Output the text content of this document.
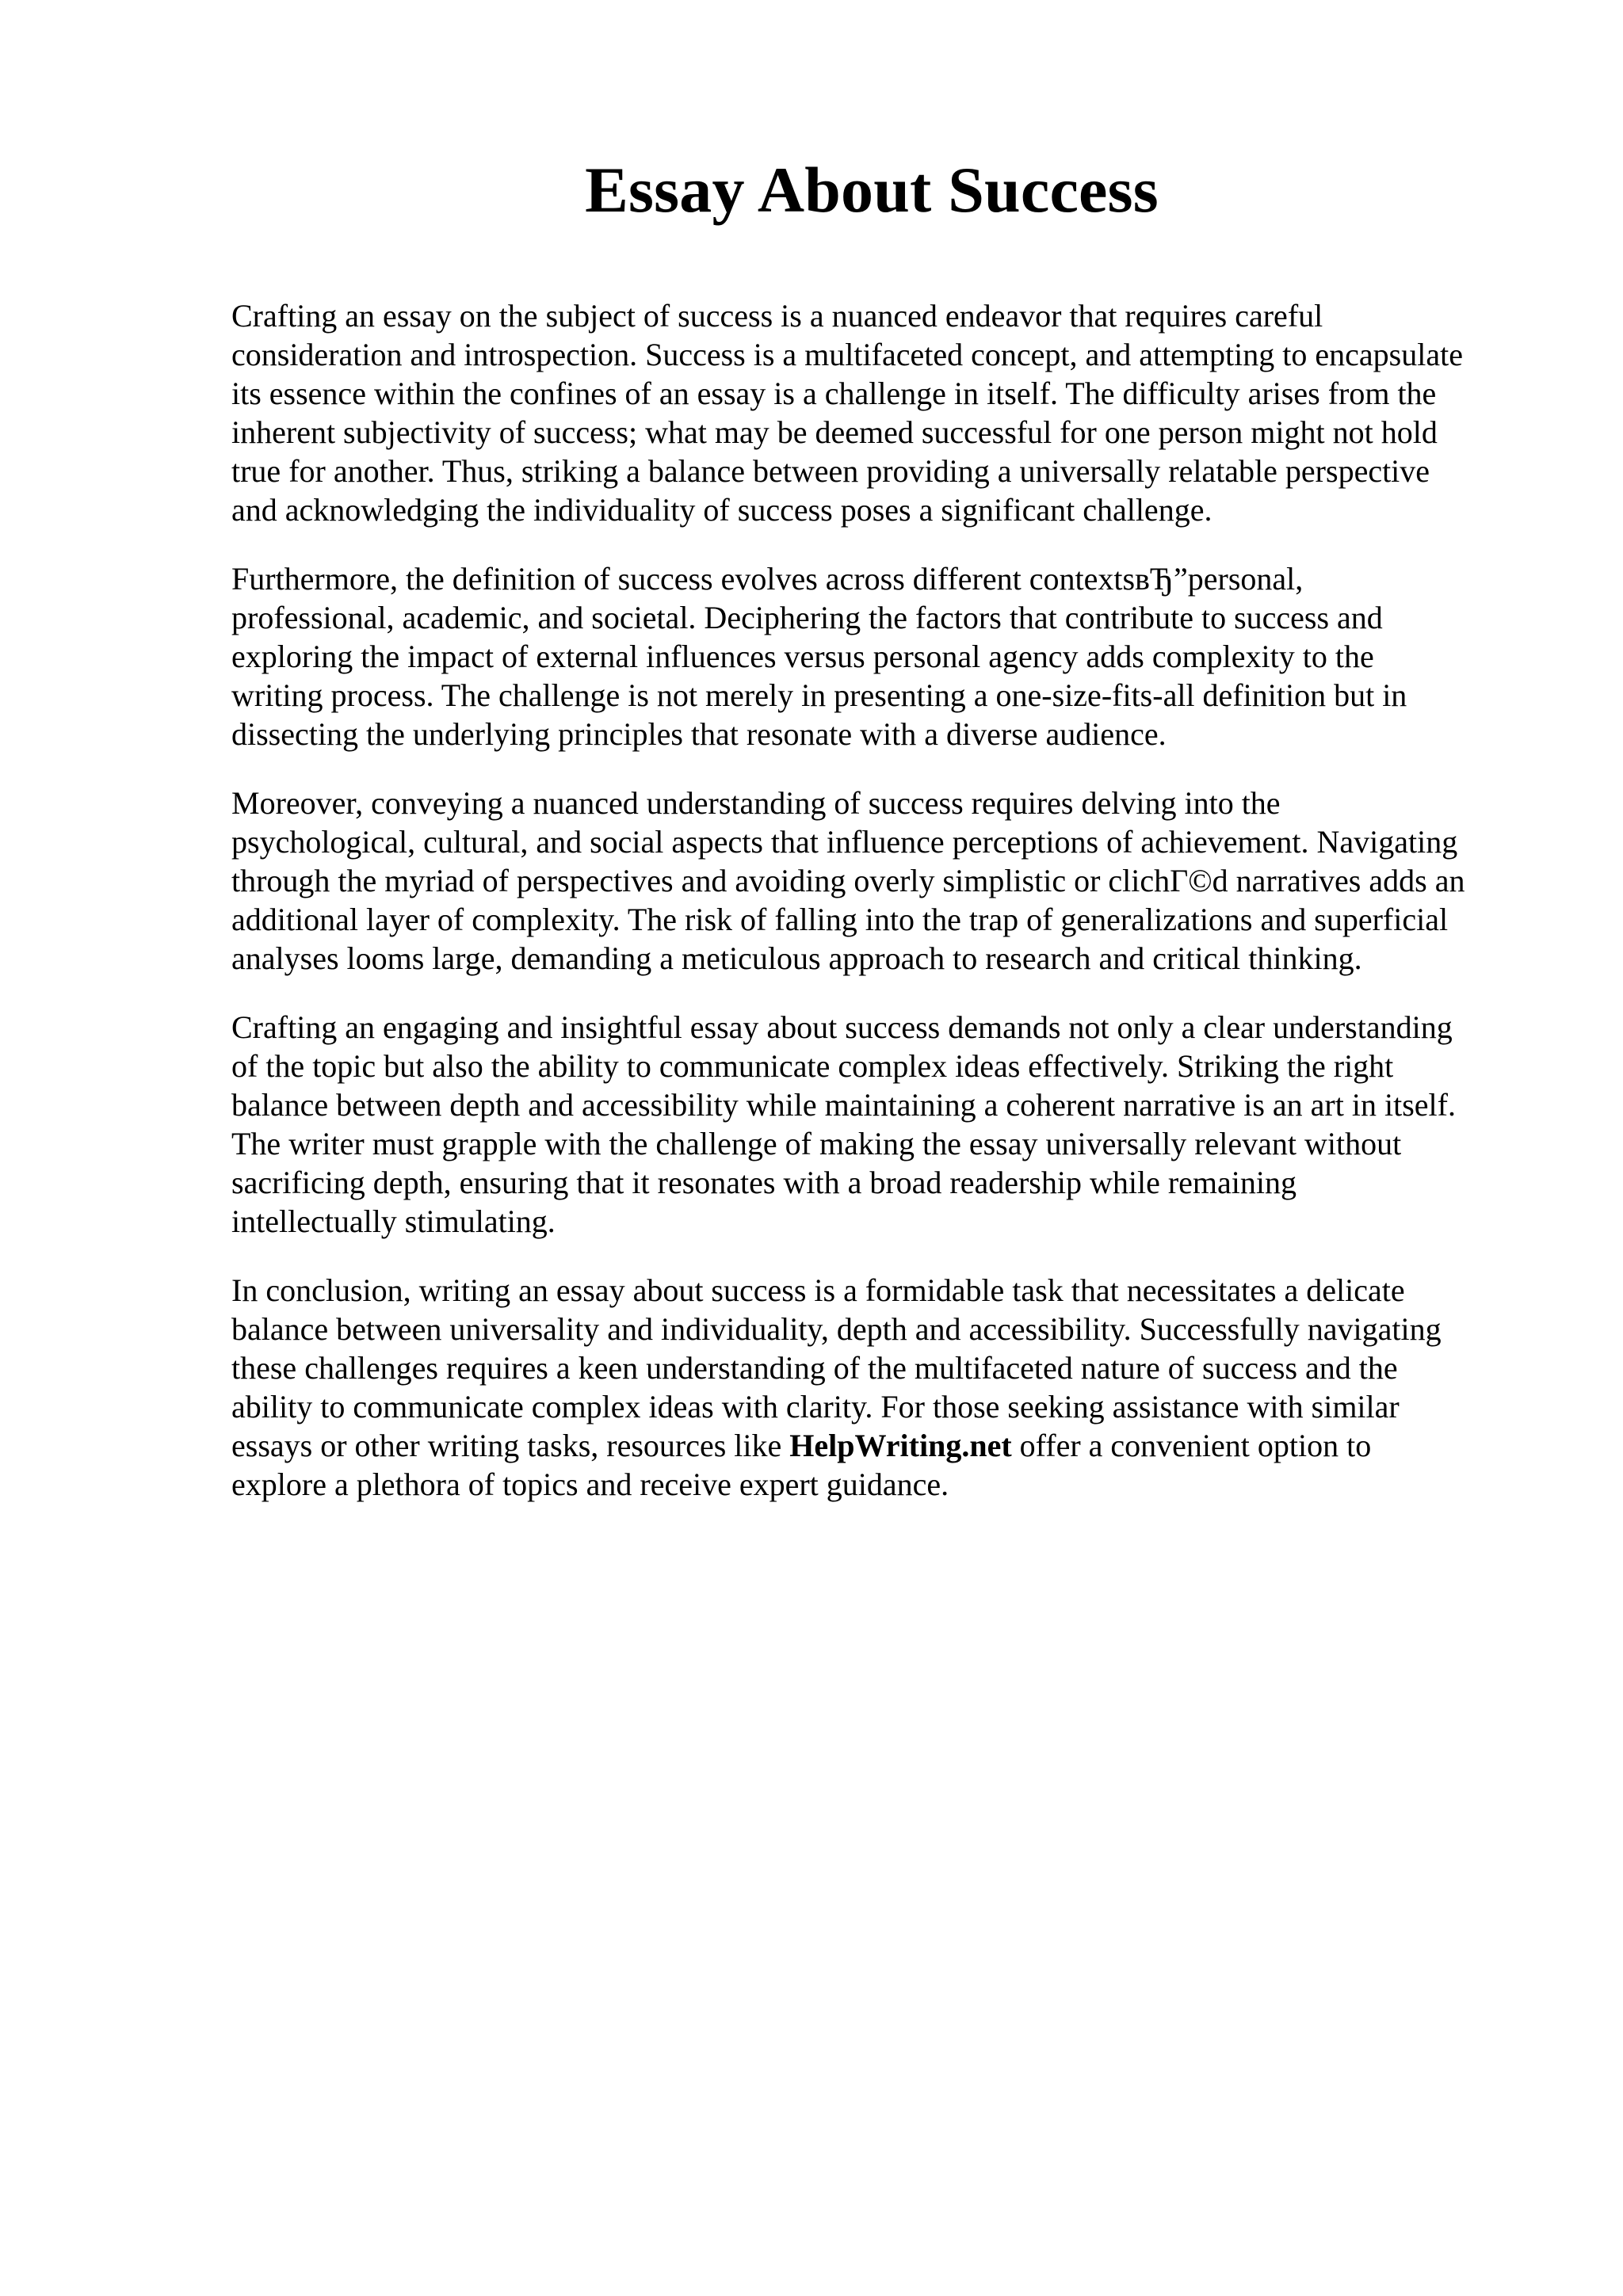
Essay About Success

Crafting an essay on the subject of success is a nuanced endeavor that requires careful
consideration and introspection. Success is a multifaceted concept, and attempting to encapsulate
its essence within the confines of an essay is a challenge in itself. The difficulty arises from the
inherent subjectivity of success; what may be deemed successful for one person might not hold
true for another. Thus, striking a balance between providing a universally relatable perspective
and acknowledging the individuality of success poses a significant challenge.

Furthermore, the definition of success evolves across different contextsвЂ”personal,
professional, academic, and societal. Deciphering the factors that contribute to success and
exploring the impact of external influences versus personal agency adds complexity to the
writing process. The challenge is not merely in presenting a one-size-fits-all definition but in
dissecting the underlying principles that resonate with a diverse audience.

Moreover, conveying a nuanced understanding of success requires delving into the
psychological, cultural, and social aspects that influence perceptions of achievement. Navigating
through the myriad of perspectives and avoiding overly simplistic or clichГ©d narratives adds an
additional layer of complexity. The risk of falling into the trap of generalizations and superficial
analyses looms large, demanding a meticulous approach to research and critical thinking.

Crafting an engaging and insightful essay about success demands not only a clear understanding
of the topic but also the ability to communicate complex ideas effectively. Striking the right
balance between depth and accessibility while maintaining a coherent narrative is an art in itself.
The writer must grapple with the challenge of making the essay universally relevant without
sacrificing depth, ensuring that it resonates with a broad readership while remaining
intellectually stimulating.

In conclusion, writing an essay about success is a formidable task that necessitates a delicate
balance between universality and individuality, depth and accessibility. Successfully navigating
these challenges requires a keen understanding of the multifaceted nature of success and the
ability to communicate complex ideas with clarity. For those seeking assistance with similar
essays or other writing tasks, resources like HelpWriting.net offer a convenient option to
explore a plethora of topics and receive expert guidance.
